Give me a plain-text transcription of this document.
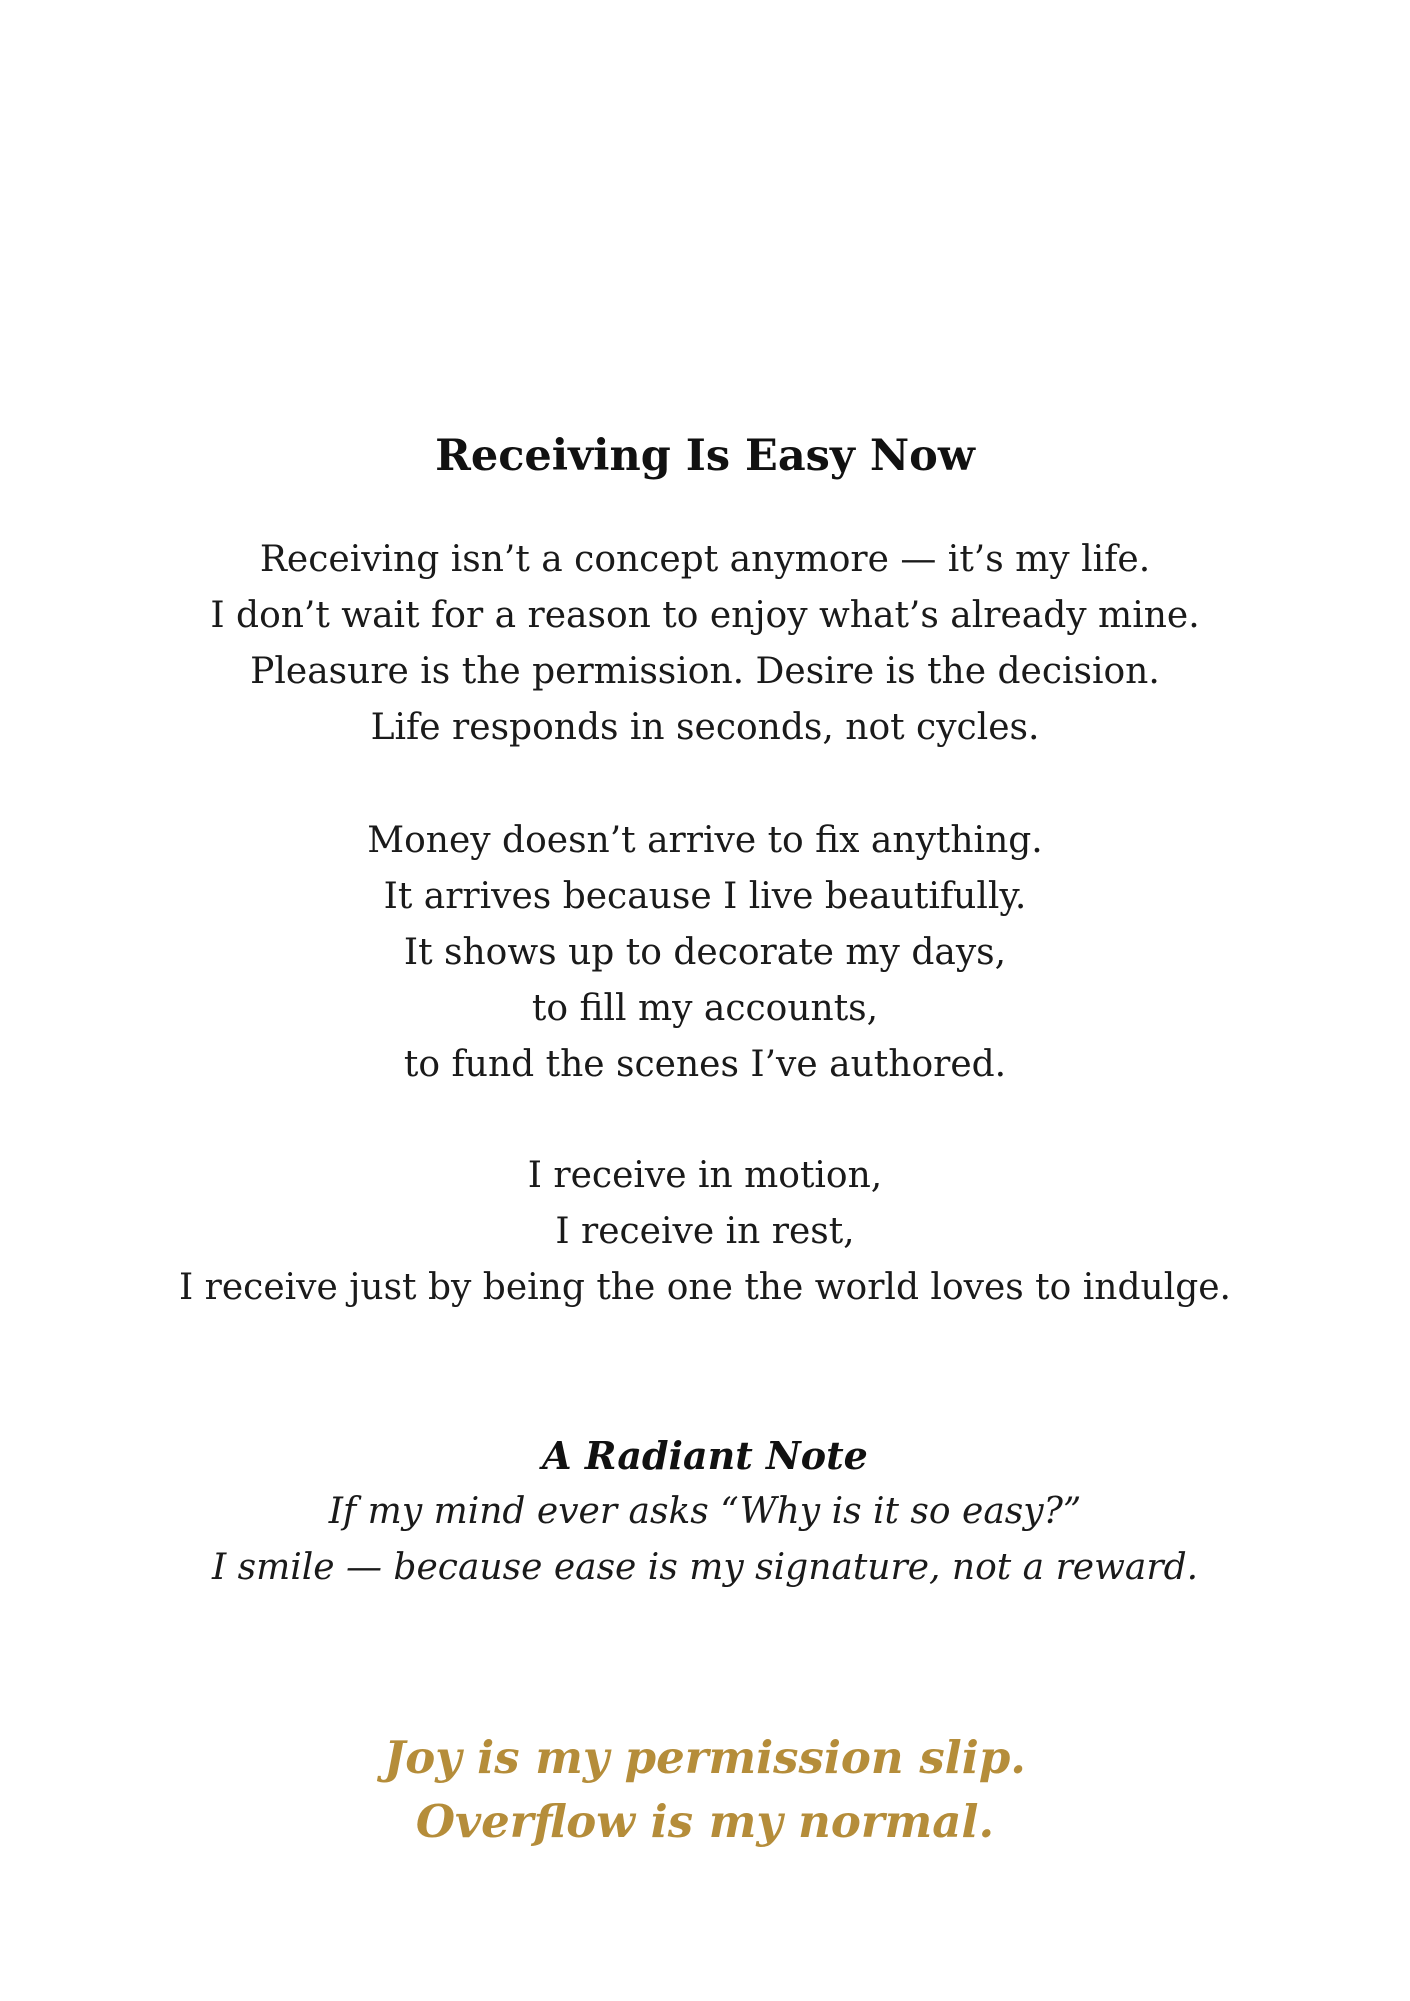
Receiving Is Easy Now
Receiving isn’t a concept anymore — it’s my life.
I don’t wait for a reason to enjoy what’s already mine.
Pleasure is the permission. Desire is the decision.
Life responds in seconds, not cycles.
Money doesn’t arrive to fix anything.
It arrives because I live beautifully.
It shows up to decorate my days,
to fill my accounts,
to fund the scenes I’ve authored.
I receive in motion,
I receive in rest,
I receive just by being the one the world loves to indulge.
A Radiant Note
If my mind ever asks “Why is it so easy?”
I smile — because ease is my signature, not a reward.
Joy is my permission slip.
Overflow is my normal.
